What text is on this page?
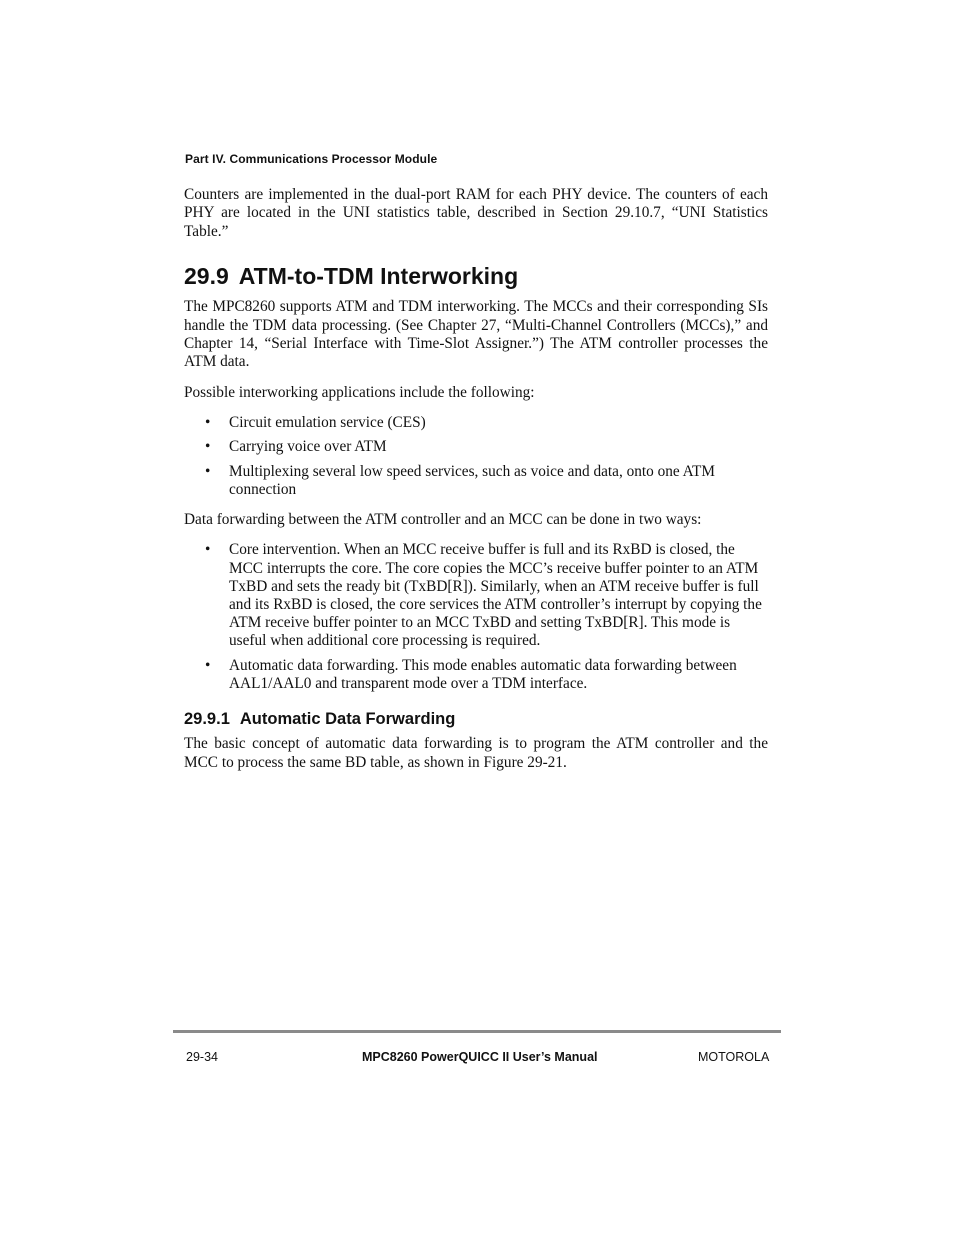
Part IV. Communications Processor Module

Counters are implemented in the dual-port RAM for each PHY device. The counters of each PHY are located in the UNI statistics table, described in Section 29.10.7, “UNI Statistics Table.”

29.9 ATM-to-TDM Interworking

The MPC8260 supports ATM and TDM interworking. The MCCs and their corresponding SIs handle the TDM data processing. (See Chapter 27, “Multi-Channel Controllers (MCCs),” and Chapter 14, “Serial Interface with Time-Slot Assigner.”) The ATM controller processes the ATM data.

Possible interworking applications include the following:

• Circuit emulation service (CES)
• Carrying voice over ATM
• Multiplexing several low speed services, such as voice and data, onto one ATM connection

Data forwarding between the ATM controller and an MCC can be done in two ways:

• Core intervention. When an MCC receive buffer is full and its RxBD is closed, the MCC interrupts the core. The core copies the MCC’s receive buffer pointer to an ATM TxBD and sets the ready bit (TxBD[R]). Similarly, when an ATM receive buffer is full and its RxBD is closed, the core services the ATM controller’s interrupt by copying the ATM receive buffer pointer to an MCC TxBD and setting TxBD[R]. This mode is useful when additional core processing is required.
• Automatic data forwarding. This mode enables automatic data forwarding between AAL1/AAL0 and transparent mode over a TDM interface.
29.9.1 Automatic Data Forwarding

The basic concept of automatic data forwarding is to program the ATM controller and the MCC to process the same BD table, as shown in Figure 29-21.

29-34	MPC8260 PowerQUICC II User’s Manual	MOTOROLA
